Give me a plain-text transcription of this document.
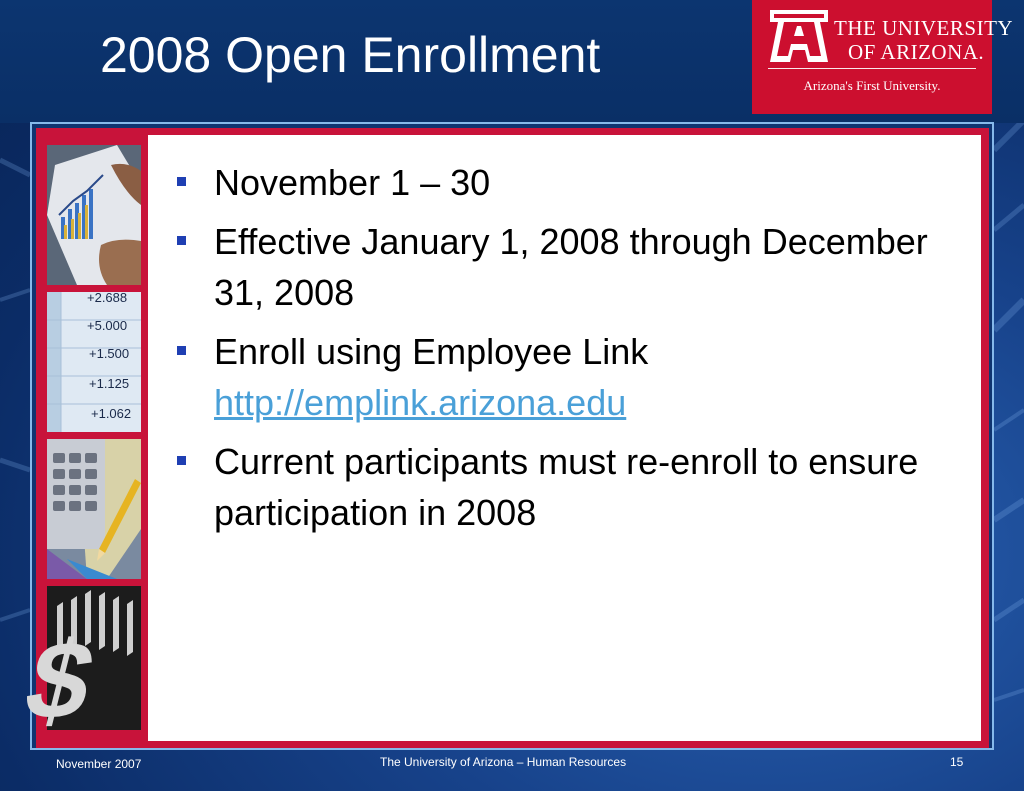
2008 Open Enrollment	THE UNIVERSITY
OF ARIZONA.
Arizona's First University.
+2.688
+5.000
+1.500
+1.125
+1.062
$
November 1 – 30
Effective January 1, 2008 through December 31, 2008
Enroll using Employee Link
http://emplink.arizona.edu
Current participants must re-enroll to ensure participation in 2008
November 2007	The University of Arizona – Human Resources	15
